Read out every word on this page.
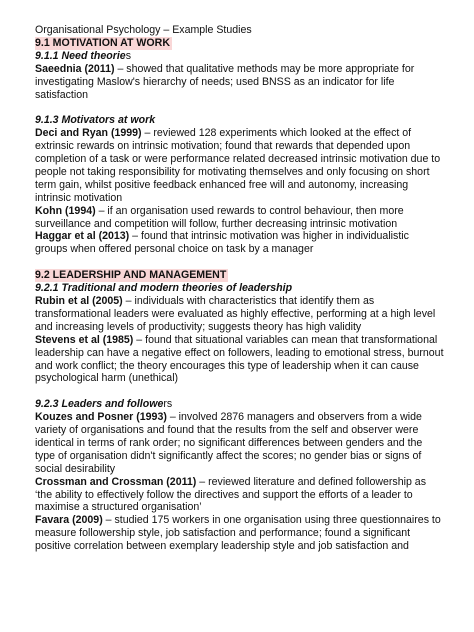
Organisational Psychology – Example Studies
9.1 MOTIVATION AT WORK
9.1.1 Need theories

Saeednia (2011) – showed that qualitative methods may be more appropriate for investigating Maslow's hierarchy of needs; used BNSS as an indicator for life satisfaction

9.1.3 Motivators at work

Deci and Ryan (1999) – reviewed 128 experiments which looked at the effect of extrinsic rewards on intrinsic motivation; found that rewards that depended upon completion of a task or were performance related decreased intrinsic motivation due to people not taking responsibility for motivating themselves and only focusing on short term gain, whilst positive feedback enhanced free will and autonomy, increasing intrinsic motivation

Kohn (1994) – if an organisation used rewards to control behaviour, then more surveillance and competition will follow, further decreasing intrinsic motivation

Haggar et al (2013) – found that intrinsic motivation was higher in individualistic groups when offered personal choice on task by a manager

9.2 LEADERSHIP AND MANAGEMENT
9.2.1 Traditional and modern theories of leadership

Rubin et al (2005) – individuals with characteristics that identify them as transformational leaders were evaluated as highly effective, performing at a high level and increasing levels of productivity; suggests theory has high validity

Stevens et al (1985) – found that situational variables can mean that transformational leadership can have a negative effect on followers, leading to emotional stress, burnout and work conflict; the theory encourages this type of leadership when it can cause psychological harm (unethical)

9.2.3 Leaders and followers

Kouzes and Posner (1993) – involved 2876 managers and observers from a wide variety of organisations and found that the results from the self and observer were identical in terms of rank order; no significant differences between genders and the type of organisation didn't significantly affect the scores; no gender bias or signs of social desirability

Crossman and Crossman (2011) – reviewed literature and defined followership as ‘the ability to effectively follow the directives and support the efforts of a leader to maximise a structured organisation’

Favara (2009) – studied 175 workers in one organisation using three questionnaires to measure followership style, job satisfaction and performance; found a significant positive correlation between exemplary leadership style and job satisfaction and
